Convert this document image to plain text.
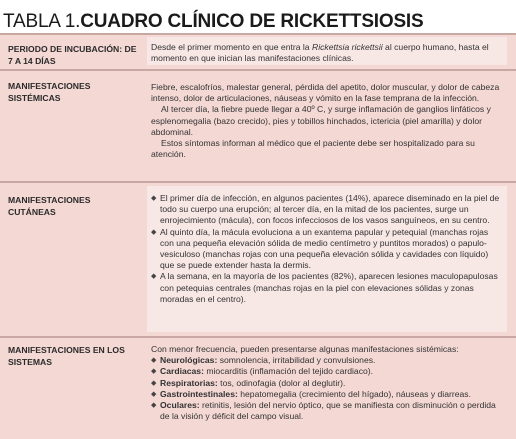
TABLA 1. CUADRO CLÍNICO DE RICKETTSIOSIS
PERIODO DE INCUBACIÓN: DE 7 A 14 DÍAS

Desde el primer momento en que entra la Rickettsia rickettsii al cuerpo humano, hasta el momento en que inician las manifestaciones clínicas.

MANIFESTACIONES SISTÉMICAS

Fiebre, escalofríos, malestar general, pérdida del apetito, dolor muscular, y dolor de cabeza intenso, dolor de articulaciones, náuseas y vómito en la fase temprana de la infección.

Al tercer día, la fiebre puede llegar a 40º C, y surge inflamación de ganglios linfáticos y esplenomegalia (bazo crecido), pies y tobillos hinchados, ictericia (piel amarilla) y dolor abdominal.

Estos síntomas informan al médico que el paciente debe ser hospitalizado para su atención.

MANIFESTACIONES CUTÁNEAS

◆ El primer día de infección, en algunos pacientes (14%), aparece diseminado en la piel de todo su cuerpo una erupción; al tercer día, en la mitad de los pacientes, surge un enrojecimiento (mácula), con focos infecciosos de los vasos sanguíneos, en su centro.

◆ Al quinto día, la mácula evoluciona a un exantema papular y petequial (manchas rojas con una pequeña elevación sólida de medio centímetro y puntitos morados) o papulo-vesiculoso (manchas rojas con una pequeña elevación sólida y cavidades con líquido) que se puede extender hasta la dermis.

◆ A la semana, en la mayoría de los pacientes (82%), aparecen lesiones maculopapulosas con petequias centrales (manchas rojas en la piel con elevaciones sólidas y zonas moradas en el centro).

MANIFESTACIONES EN LOS SISTEMAS

Con menor frecuencia, pueden presentarse algunas manifestaciones sistémicas:

◆ Neurológicas: somnolencia, irritabilidad y convulsiones.

◆ Cardiacas: miocarditis (inflamación del tejido cardiaco).

◆ Respiratorias: tos, odinofagia (dolor al deglutir).

◆ Gastrointestinales: hepatomegalia (crecimiento del hígado), náuseas y diarreas.

◆ Oculares: retinitis, lesión del nervio óptico, que se manifiesta con disminución o perdida de la visión y déficit del campo visual.
